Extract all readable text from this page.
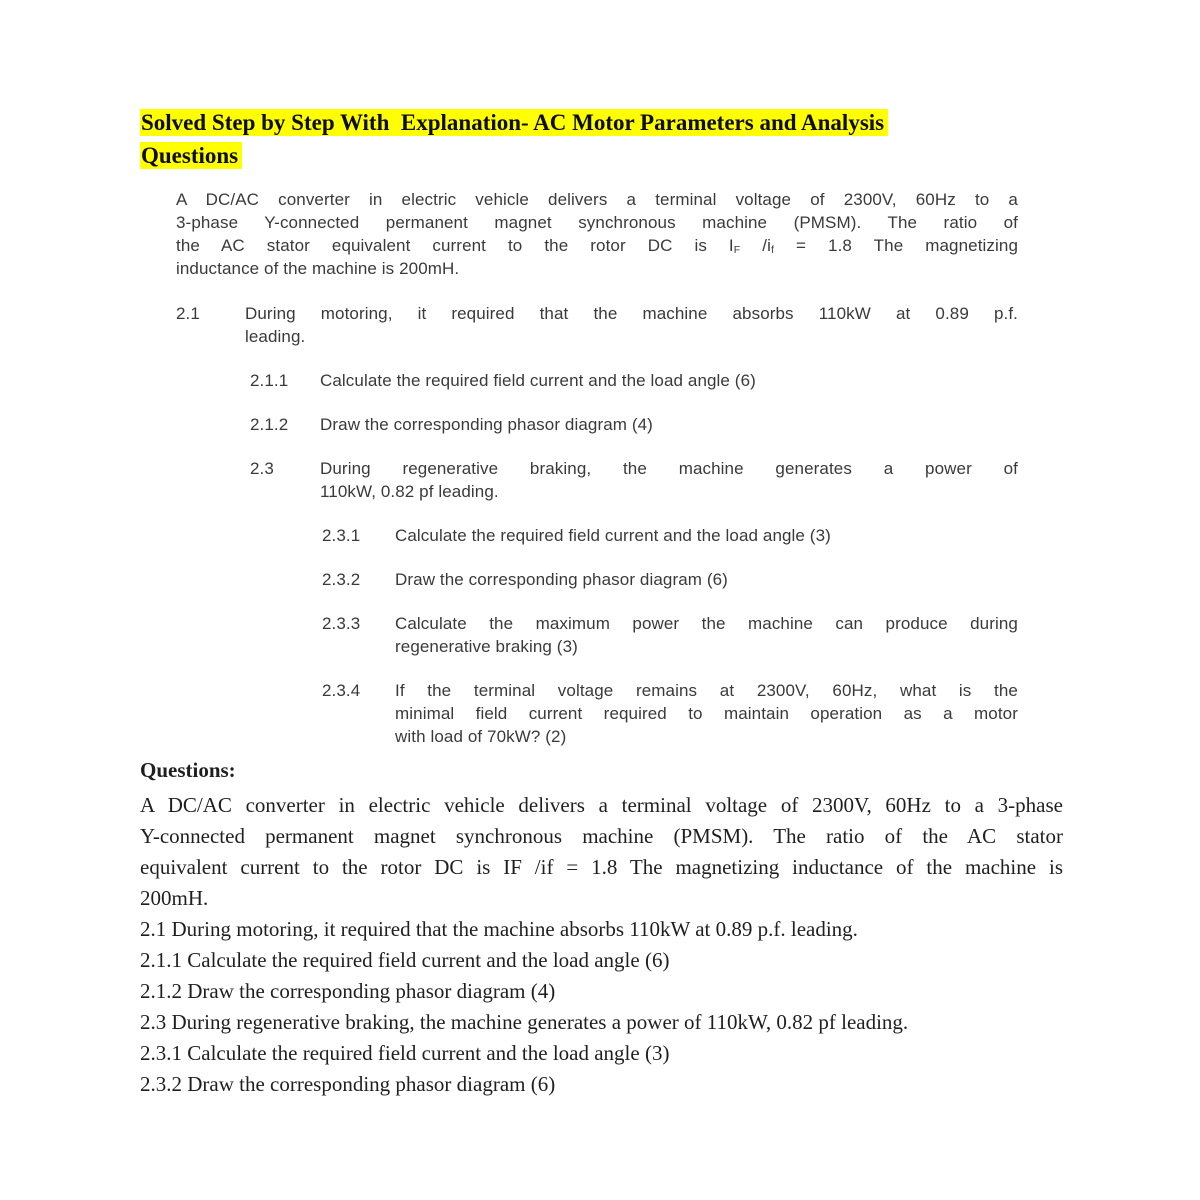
Solved Step by Step With  Explanation- AC Motor Parameters and Analysis
Questions
A DC/AC converter in electric vehicle delivers a terminal voltage of 2300V, 60Hz to a
3-phase Y-connected permanent magnet synchronous machine (PMSM). The ratio of
the AC stator equivalent current to the rotor DC is $I_F$ $/i_f = 1.8$ The magnetizing
inductance of the machine is 200mH.
2.1	During motoring, it required that the machine absorbs 110kW at 0.89 p.f.
leading.
2.1.1	Calculate the required field current and the load angle (6)
2.1.2	Draw the corresponding phasor diagram (4)
2.3	During regenerative braking, the machine generates a power of
110kW, 0.82 pf leading.
2.3.1	Calculate the required field current and the load angle (3)
2.3.2	Draw the corresponding phasor diagram (6)
2.3.3	Calculate the maximum power the machine can produce during
regenerative braking (3)
2.3.4	If the terminal voltage remains at 2300V, 60Hz, what is the
minimal field current required to maintain operation as a motor
with load of 70kW? (2)
Questions:
A DC/AC converter in electric vehicle delivers a terminal voltage of 2300V, 60Hz to a 3-phase
Y-connected permanent magnet synchronous machine (PMSM). The ratio of the AC stator
equivalent current to the rotor DC is IF /if = 1.8 The magnetizing inductance of the machine is
200mH.
2.1 During motoring, it required that the machine absorbs 110kW at 0.89 p.f. leading.
2.1.1 Calculate the required field current and the load angle (6)
2.1.2 Draw the corresponding phasor diagram (4)
2.3 During regenerative braking, the machine generates a power of 110kW, 0.82 pf leading.
2.3.1 Calculate the required field current and the load angle (3)
2.3.2 Draw the corresponding phasor diagram (6)
